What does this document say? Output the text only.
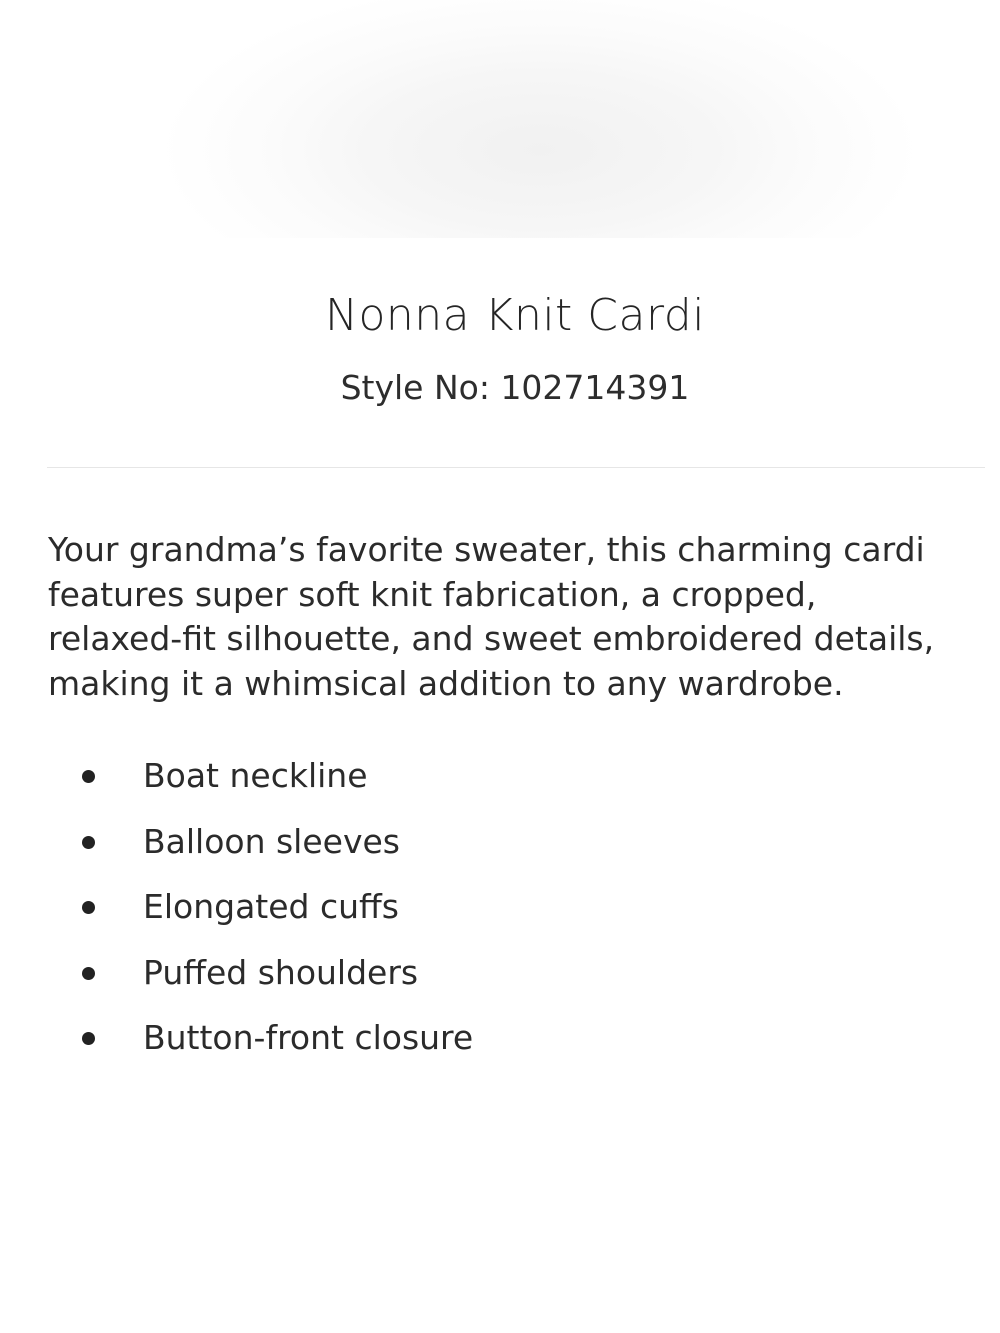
Nonna Knit Cardi
Style No: 102714391

Your grandma’s favorite sweater, this charming cardi
features super soft knit fabrication, a cropped,
relaxed-fit silhouette, and sweet embroidered details,
making it a whimsical addition to any wardrobe.

Boat neckline
Balloon sleeves
Elongated cuffs
Puffed shoulders
Button-front closure
